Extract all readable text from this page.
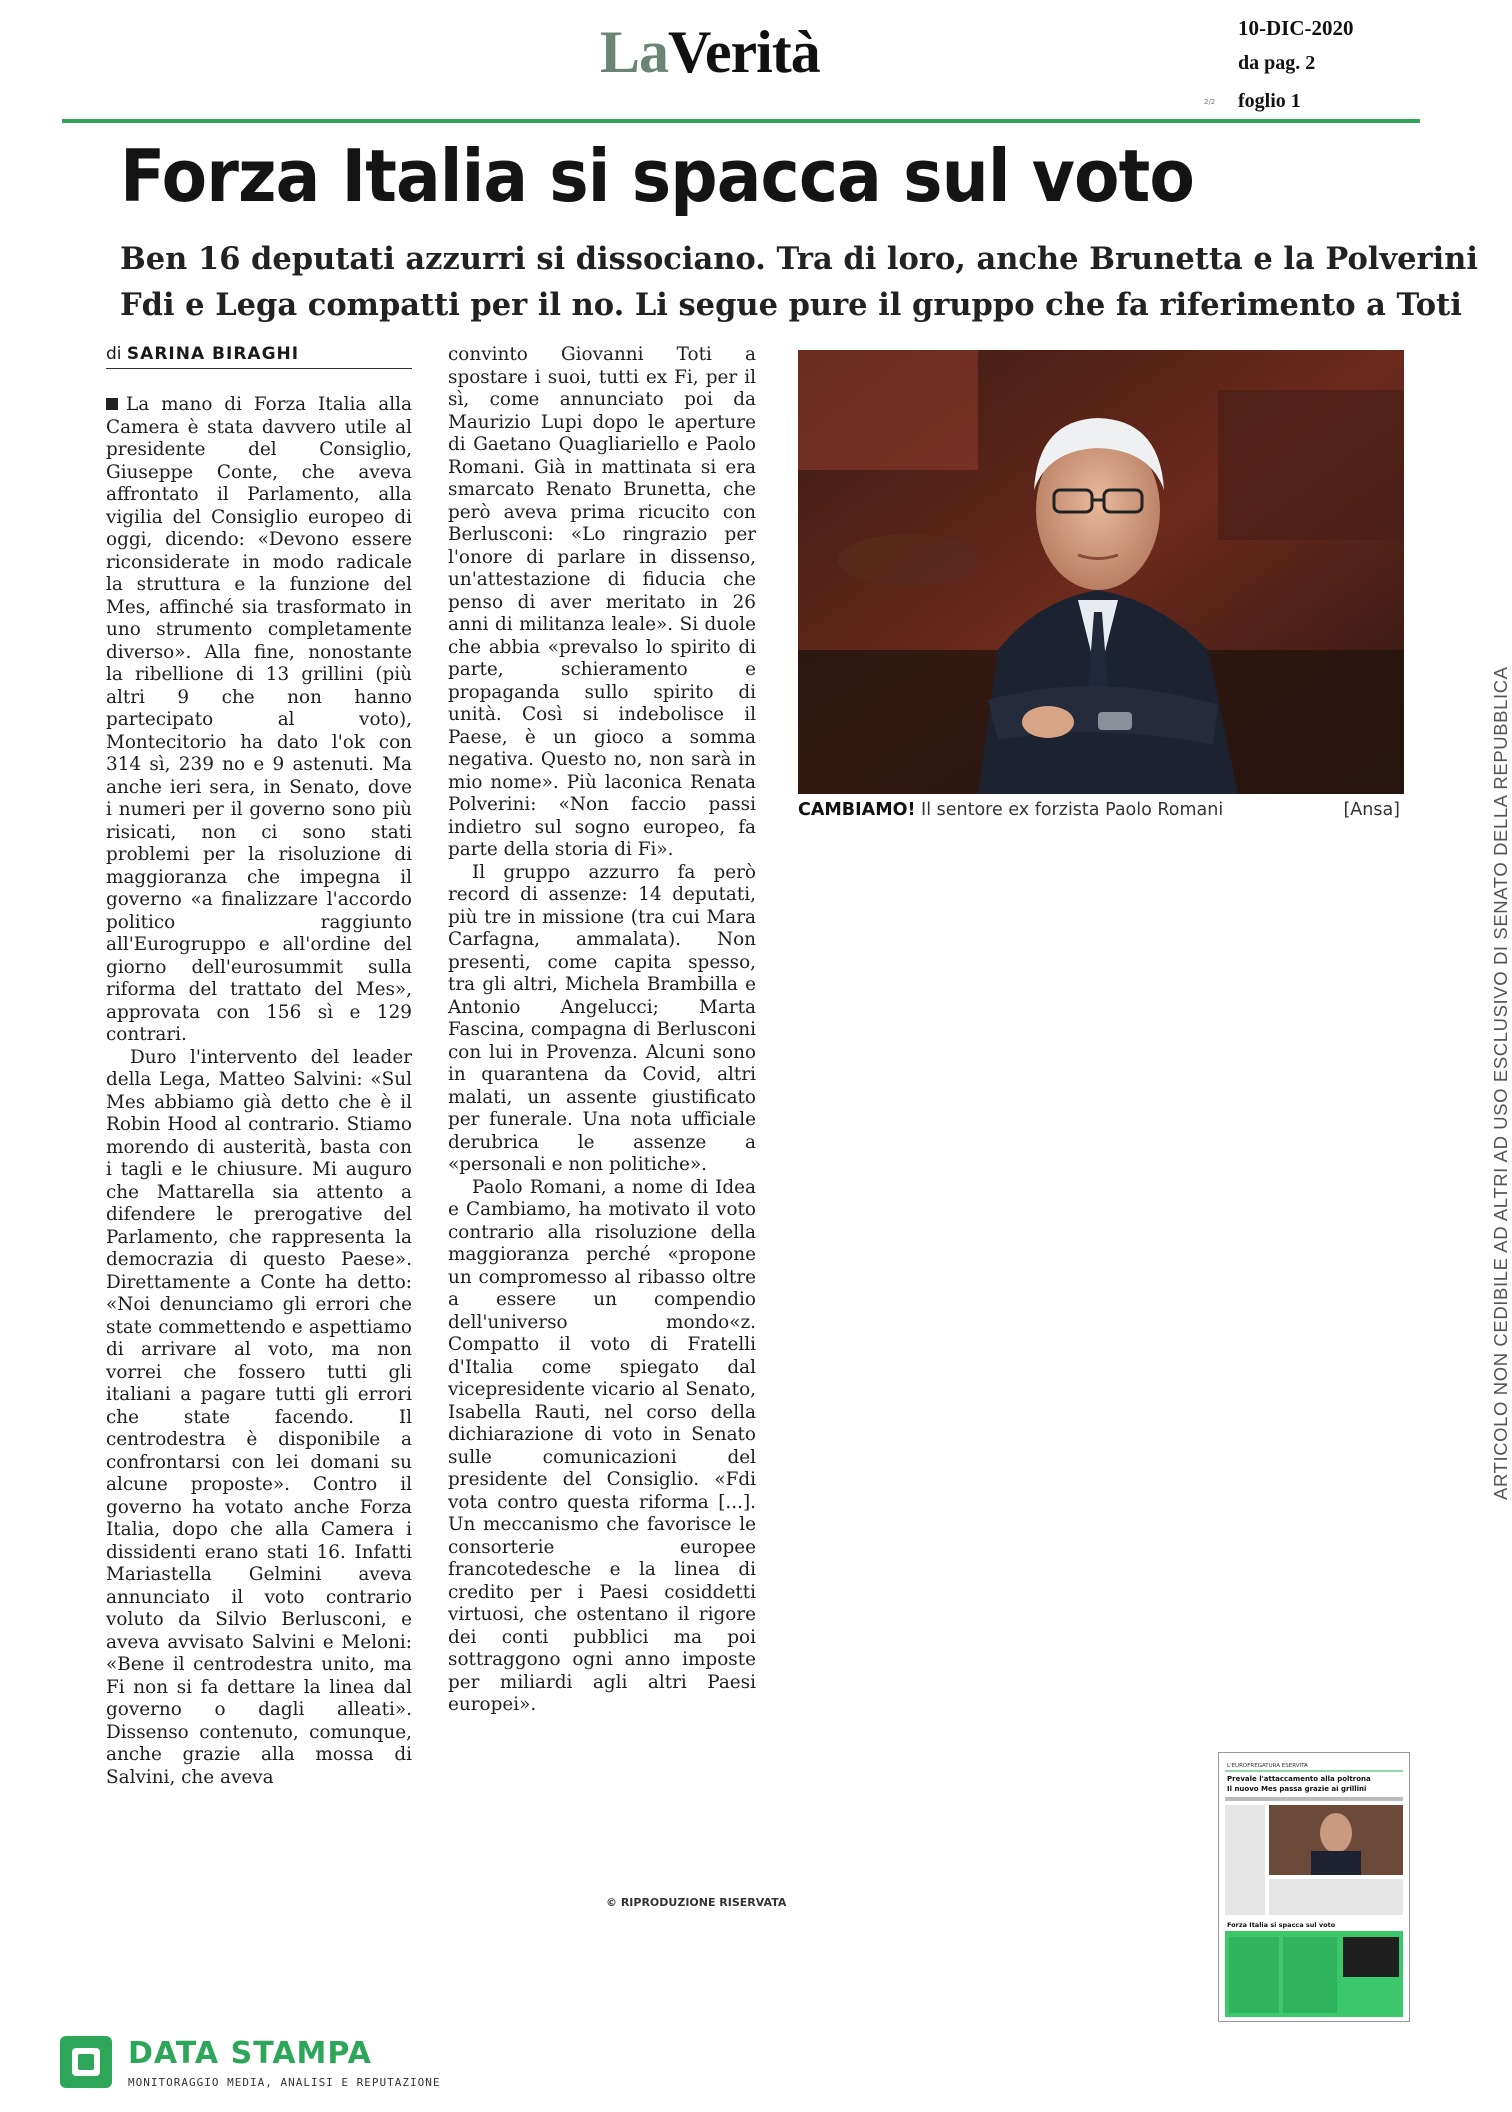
LaVerità	10-DIC-2020
da pag. 2
2/2 foglio 1
Forza Italia si spacca sul voto
Ben 16 deputati azzurri si dissociano. Tra di loro, anche Brunetta e la Polverini
Fdi e Lega compatti per il no. Li segue pure il gruppo che fa riferimento a Toti
di SARINA BIRAGHI

La mano di Forza Italia alla Camera è stata davvero utile al presidente del Consiglio, Giuseppe Conte, che aveva affrontato il Parlamento, alla vigilia del Consiglio europeo di oggi, dicendo: «Devono essere riconsiderate in modo radicale la struttura e la funzione del Mes, affinché sia trasformato in uno strumento completamente diverso». Alla fine, nonostante la ribellione di 13 grillini (più altri 9 che non hanno partecipato al voto), Montecitorio ha dato l'ok con 314 sì, 239 no e 9 astenuti. Ma anche ieri sera, in Senato, dove i numeri per il governo sono più risicati, non ci sono stati problemi per la risoluzione di maggioranza che impegna il governo «a finalizzare l'accordo politico raggiunto all'Eurogruppo e all'ordine del giorno dell'eurosummit sulla riforma del trattato del Mes», approvata con 156 sì e 129 contrari.

Duro l'intervento del leader della Lega, Matteo Salvini: «Sul Mes abbiamo già detto che è il Robin Hood al contrario. Stiamo morendo di austerità, basta con i tagli e le chiusure. Mi auguro che Mattarella sia attento a difendere le prerogative del Parlamento, che rappresenta la democrazia di questo Paese». Direttamente a Conte ha detto: «Noi denunciamo gli errori che state commettendo e aspettiamo di arrivare al voto, ma non vorrei che fossero tutti gli italiani a pagare tutti gli errori che state facendo. Il centrodestra è disponibile a confrontarsi con lei domani su alcune proposte». Contro il governo ha votato anche Forza Italia, dopo che alla Camera i dissidenti erano stati 16. Infatti Mariastella Gelmini aveva annunciato il voto contrario voluto da Silvio Berlusconi, e aveva avvisato Salvini e Meloni: «Bene il centrodestra unito, ma Fi non si fa dettare la linea dal governo o dagli alleati». Dissenso contenuto, comunque, anche grazie alla mossa di Salvini, che aveva

convinto Giovanni Toti a spostare i suoi, tutti ex Fi, per il sì, come annunciato poi da Maurizio Lupi dopo le aperture di Gaetano Quagliariello e Paolo Romani. Già in mattinata si era smarcato Renato Brunetta, che però aveva prima ricucito con Berlusconi: «Lo ringrazio per l'onore di parlare in dissenso, un'attestazione di fiducia che penso di aver meritato in 26 anni di militanza leale». Si duole che abbia «prevalso lo spirito di parte, schieramento e propaganda sullo spirito di unità. Così si indebolisce il Paese, è un gioco a somma negativa. Questo no, non sarà in mio nome». Più laconica Renata Polverini: «Non faccio passi indietro sul sogno europeo, fa parte della storia di Fi».

Il gruppo azzurro fa però record di assenze: 14 deputati, più tre in missione (tra cui Mara Carfagna, ammalata). Non presenti, come capita spesso, tra gli altri, Michela Brambilla e Antonio Angelucci; Marta Fascina, compagna di Berlusconi con lui in Provenza. Alcuni sono in quarantena da Covid, altri malati, un assente giustificato per funerale. Una nota ufficiale derubrica le assenze a «personali e non politiche».

Paolo Romani, a nome di Idea e Cambiamo, ha motivato il voto contrario alla risoluzione della maggioranza perché «propone un compromesso al ribasso oltre a essere un compendio dell'universo mondo«z. Compatto il voto di Fratelli d'Italia come spiegato dal vicepresidente vicario al Senato, Isabella Rauti, nel corso della dichiarazione di voto in Senato sulle comunicazioni del presidente del Consiglio. «Fdi vota contro questa riforma [...]. Un meccanismo che favorisce le consorterie europee francotedesche e la linea di credito per i Paesi cosiddetti virtuosi, che ostentano il rigore dei conti pubblici ma poi sottraggono ogni anno imposte per miliardi agli altri Paesi europei».

© RIPRODUZIONE RISERVATA
CAMBIAMO! Il sentore ex forzista Paolo Romani	[Ansa]	ARTICOLO NON CEDIBILE AD ALTRI AD USO ESCLUSIVO DI SENATO DELLA REPUBBLICA
L'EUROFREGATURA ESERVITA
Prevale l'attaccamento alla poltrona
Il nuovo Mes passa grazie ai grillini
Forza Italia si spacca sul voto
DATA STAMPA
MONITORAGGIO MEDIA, ANALISI E REPUTAZIONE
